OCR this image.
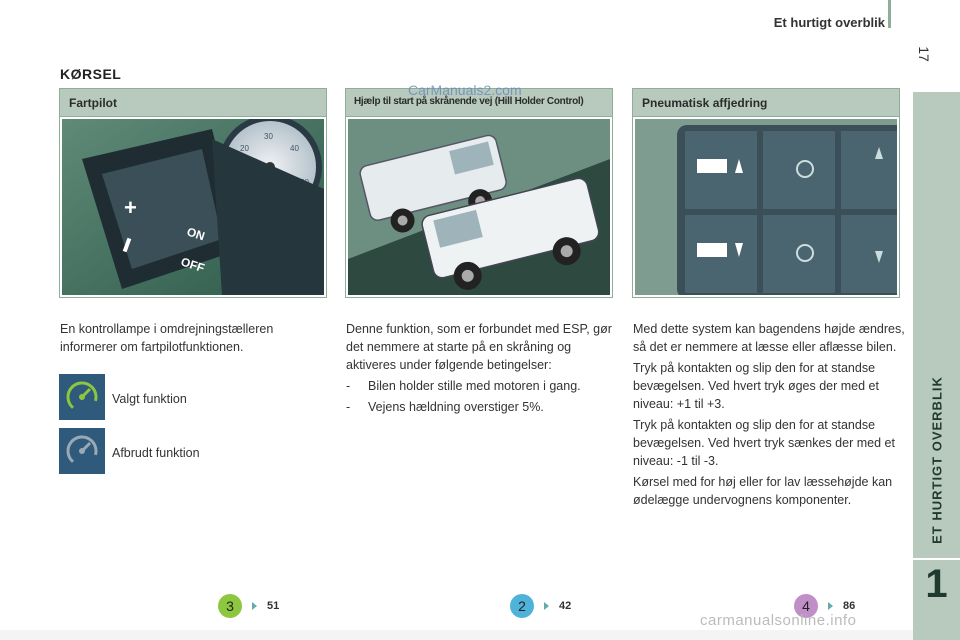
Et hurtigt overblik
17
ET HURTIGT OVERBLIK
1
KØRSEL
Fartpilot
20
30
40
ON
OFF
+
Hjælp til start på skrånende vej (Hill Holder Control)
CarManuals2.com
Pneumatisk affjedring
En kontrollampe i omdrejningstælleren informerer om fartpilotfunktionen.
Valgt funktion
Afbrudt funktion

Denne funktion, som er forbundet med ESP, gør det nemmere at starte på en skråning og aktiveres under følgende betingelser:

-	Bilen holder stille med motoren i gang.
-	Vejens hældning overstiger 5%.

Med dette system kan bagendens højde ændres, så det er nemmere at læsse eller aflæsse bilen.

Tryk på kontakten og slip den for at standse bevægelsen. Ved hvert tryk øges der med et niveau: +1 til +3.

Tryk på kontakten og slip den for at standse bevægelsen. Ved hvert tryk sænkes der med et niveau: -1 til -3.

Kørsel med for høj eller for lav læssehøjde kan ødelægge undervognens komponenter.

3	51	2	42	4	86
carmanualsonline.info
